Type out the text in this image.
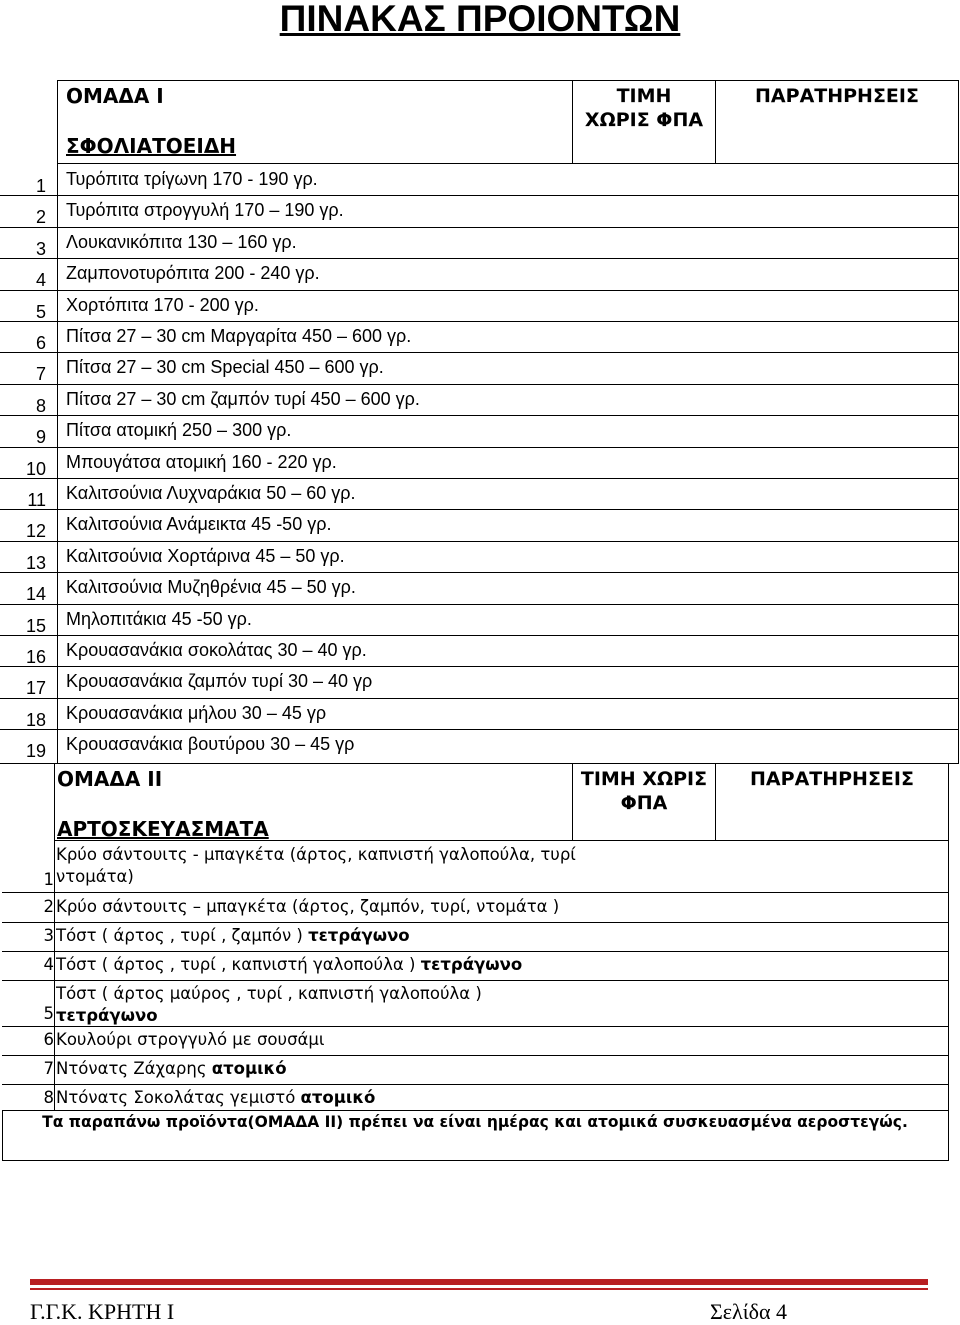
ΠΙΝΑΚΑΣ ΠΡΟΙΟΝΤΩΝ
ΟΜΑΔΑ Ι
ΣΦΟΛΙΑΤΟΕΙΔΗ
ΤΙΜΗ
ΧΩΡΙΣ ΦΠΑ
ΠΑΡΑΤΗΡΗΣΕΙΣ
1 Τυρόπιτα τρίγωνη 170 - 190 γρ.
2 Τυρόπιτα στρογγυλή 170 – 190 γρ.
3 Λουκανικόπιτα 130 – 160 γρ.
4 Ζαμπονοτυρόπιτα 200 - 240 γρ.
5 Χορτόπιτα 170 - 200 γρ.
6 Πίτσα 27 – 30 cm Μαργαρίτα 450 – 600 γρ.
7 Πίτσα 27 – 30 cm Special 450 – 600 γρ.
8 Πίτσα 27 – 30 cm ζαμπόν τυρί 450 – 600 γρ.
9 Πίτσα ατομική 250 – 300 γρ.
10 Μπουγάτσα ατομική 160 - 220 γρ.
11 Καλιτσούνια Λυχναράκια 50 – 60 γρ.
12 Καλιτσούνια Ανάμεικτα 45 -50 γρ.
13 Καλιτσούνια Χορτάρινα 45 – 50 γρ.
14 Καλιτσούνια Μυζηθρένια 45 – 50 γρ.
15 Μηλοπιτάκια 45 -50 γρ.
16 Κρουασανάκια σοκολάτας 30 – 40 γρ.
17 Κρουασανάκια ζαμπόν τυρί 30 – 40 γρ
18 Κρουασανάκια μήλου 30 – 45 γρ
19 Κρουασανάκια βουτύρου 30 – 45 γρ
ΟΜΑΔΑ ΙΙ
ΑΡΤΟΣΚΕΥΑΣΜΑΤΑ
ΤΙΜΗ ΧΩΡΙΣ
ΦΠΑ
ΠΑΡΑΤΗΡΗΣΕΙΣ
1
Κρύο σάντουιτς - μπαγκέτα (άρτος, καπνιστή γαλοπούλα, τυρί
ντομάτα)
2 Κρύο σάντουιτς – μπαγκέτα (άρτος, ζαμπόν, τυρί, ντομάτα )
3 Τόστ ( άρτος , τυρί , ζαμπόν ) τετράγωνο
4 Τόστ ( άρτος , τυρί , καπνιστή γαλοπούλα ) τετράγωνο
5
Τόστ ( άρτος μαύρος , τυρί , καπνιστή γαλοπούλα )
τετράγωνο
6 Κουλούρι στρογγυλό με σουσάμι
7 Ντόνατς Ζάχαρης ατομικό
8 Ντόνατς Σοκολάτας γεμιστό ατομικό
Τα παραπάνω προϊόντα(ΟΜΑΔΑ ΙΙ) πρέπει να είναι ημέρας και ατομικά συσκευασμένα αεροστεγώς.
Γ.Γ.Κ. ΚΡΗΤΗ Ι	Σελίδα 4
